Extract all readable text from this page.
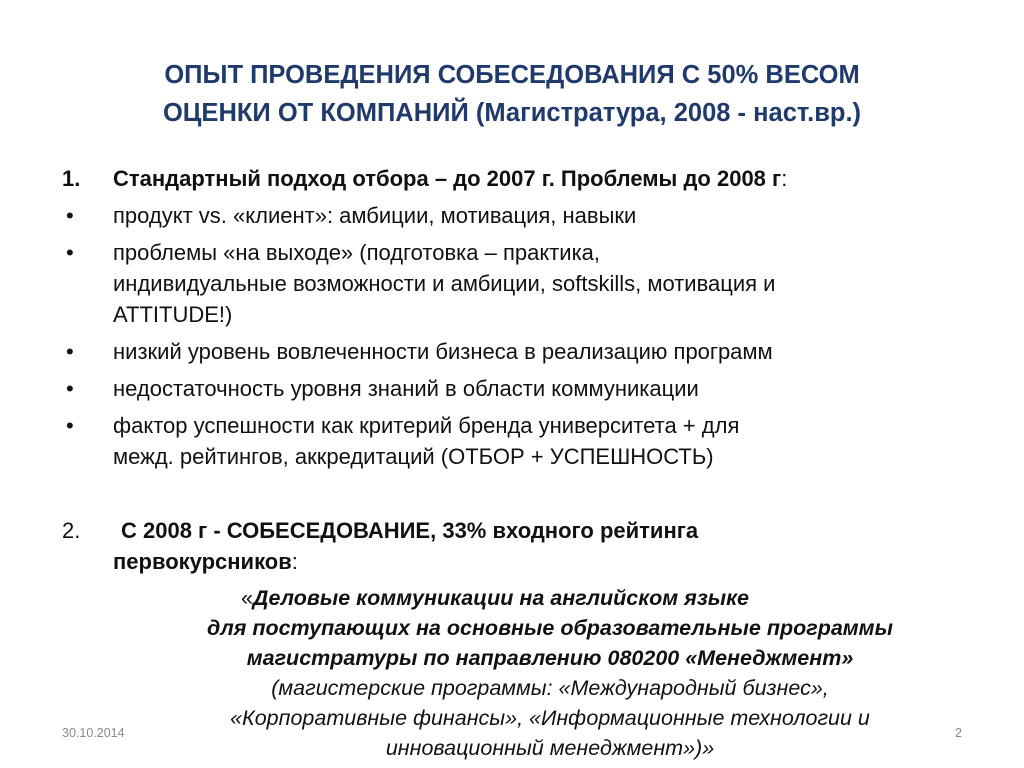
ОПЫТ ПРОВЕДЕНИЯ СОБЕСЕДОВАНИЯ С 50% ВЕСОМ
ОЦЕНКИ ОТ КОМПАНИЙ (Магистратура, 2008 - наст.вр.)
1. Стандартный подход отбора – до 2007 г. Проблемы до 2008 г:
• продукт vs. «клиент»: амбиции, мотивация, навыки
• проблемы «на выходе» (подготовка – практика,
индивидуальные возможности и амбиции, softskills, мотивация и
ATTITUDE!)
• низкий уровень вовлеченности бизнеса в реализацию программ
• недостаточность уровня знаний в области коммуникации
• фактор успешности как критерий бренда университета + для
межд. рейтингов, аккредитаций (ОТБОР + УСПЕШНОСТЬ)
2.	С 2008 г - СОБЕСЕДОВАНИЕ, 33% входного рейтинга
первокурсников:
«Деловые коммуникации на английском языке
для поступающих на основные образовательные программы
магистратуры по направлению 080200 «Менеджмент»
(магистерские программы: «Международный бизнес»,
«Корпоративные финансы», «Информационные технологии и
инновационный менеджмент»)»
30.10.2014	2
